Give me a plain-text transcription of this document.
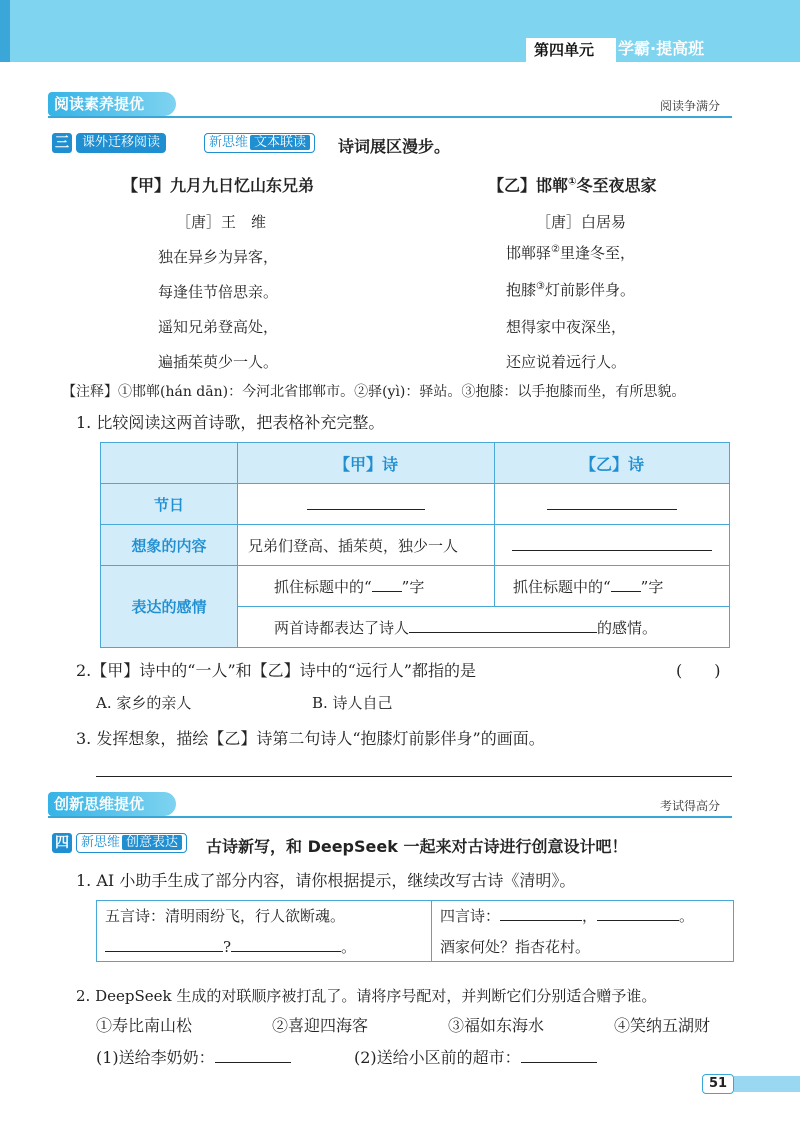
第四单元	学霸·提高班
阅读素养提优	阅读争满分
三	课外迁移阅读	新思维 文本联读	诗词展区漫步。
【甲】九月九日忆山东兄弟
［唐］王　维
独在异乡为异客，
每逢佳节倍思亲。
遥知兄弟登高处，
遍插茱萸少一人。
【乙】邯郸①冬至夜思家
［唐］白居易
邯郸驿②里逢冬至，
抱膝③灯前影伴身。
想得家中夜深坐，
还应说着远行人。
【注释】①邯郸(hán dān)：今河北省邯郸市。②驿(yì)：驿站。③抱膝：以手抱膝而坐，有所思貌。
1. 比较阅读这两首诗歌，把表格补充完整。
	【甲】诗	【乙】诗
节日		
想象的内容	兄弟们登高、插茱萸，独少一人	
表达的感情	抓住标题中的“ ”字	抓住标题中的“ ”字
	两首诗都表达了诗人 的感情。	
2.【甲】诗中的“一人”和【乙】诗中的“远行人”都指的是	(　　)
A. 家乡的亲人	B. 诗人自己
3. 发挥想象，描绘【乙】诗第二句诗人“抱膝灯前影伴身”的画面。
创新思维提优	考试得高分
四 新思维 创意表达	古诗新写，和 DeepSeek 一起来对古诗进行创意设计吧！
1. AI 小助手生成了部分内容，请你根据提示，继续改写古诗《清明》。
五言诗：清明雨纷飞，行人欲断魂。
?	。

四言诗：	，	。
酒家何处？指杏花村。
2. DeepSeek 生成的对联顺序被打乱了。请将序号配对，并判断它们分别适合赠予谁。
①寿比南山松	②喜迎四海客	③福如东海水	④笑纳五湖财
(1)送给李奶奶：	(2)送给小区前的超市：
51
